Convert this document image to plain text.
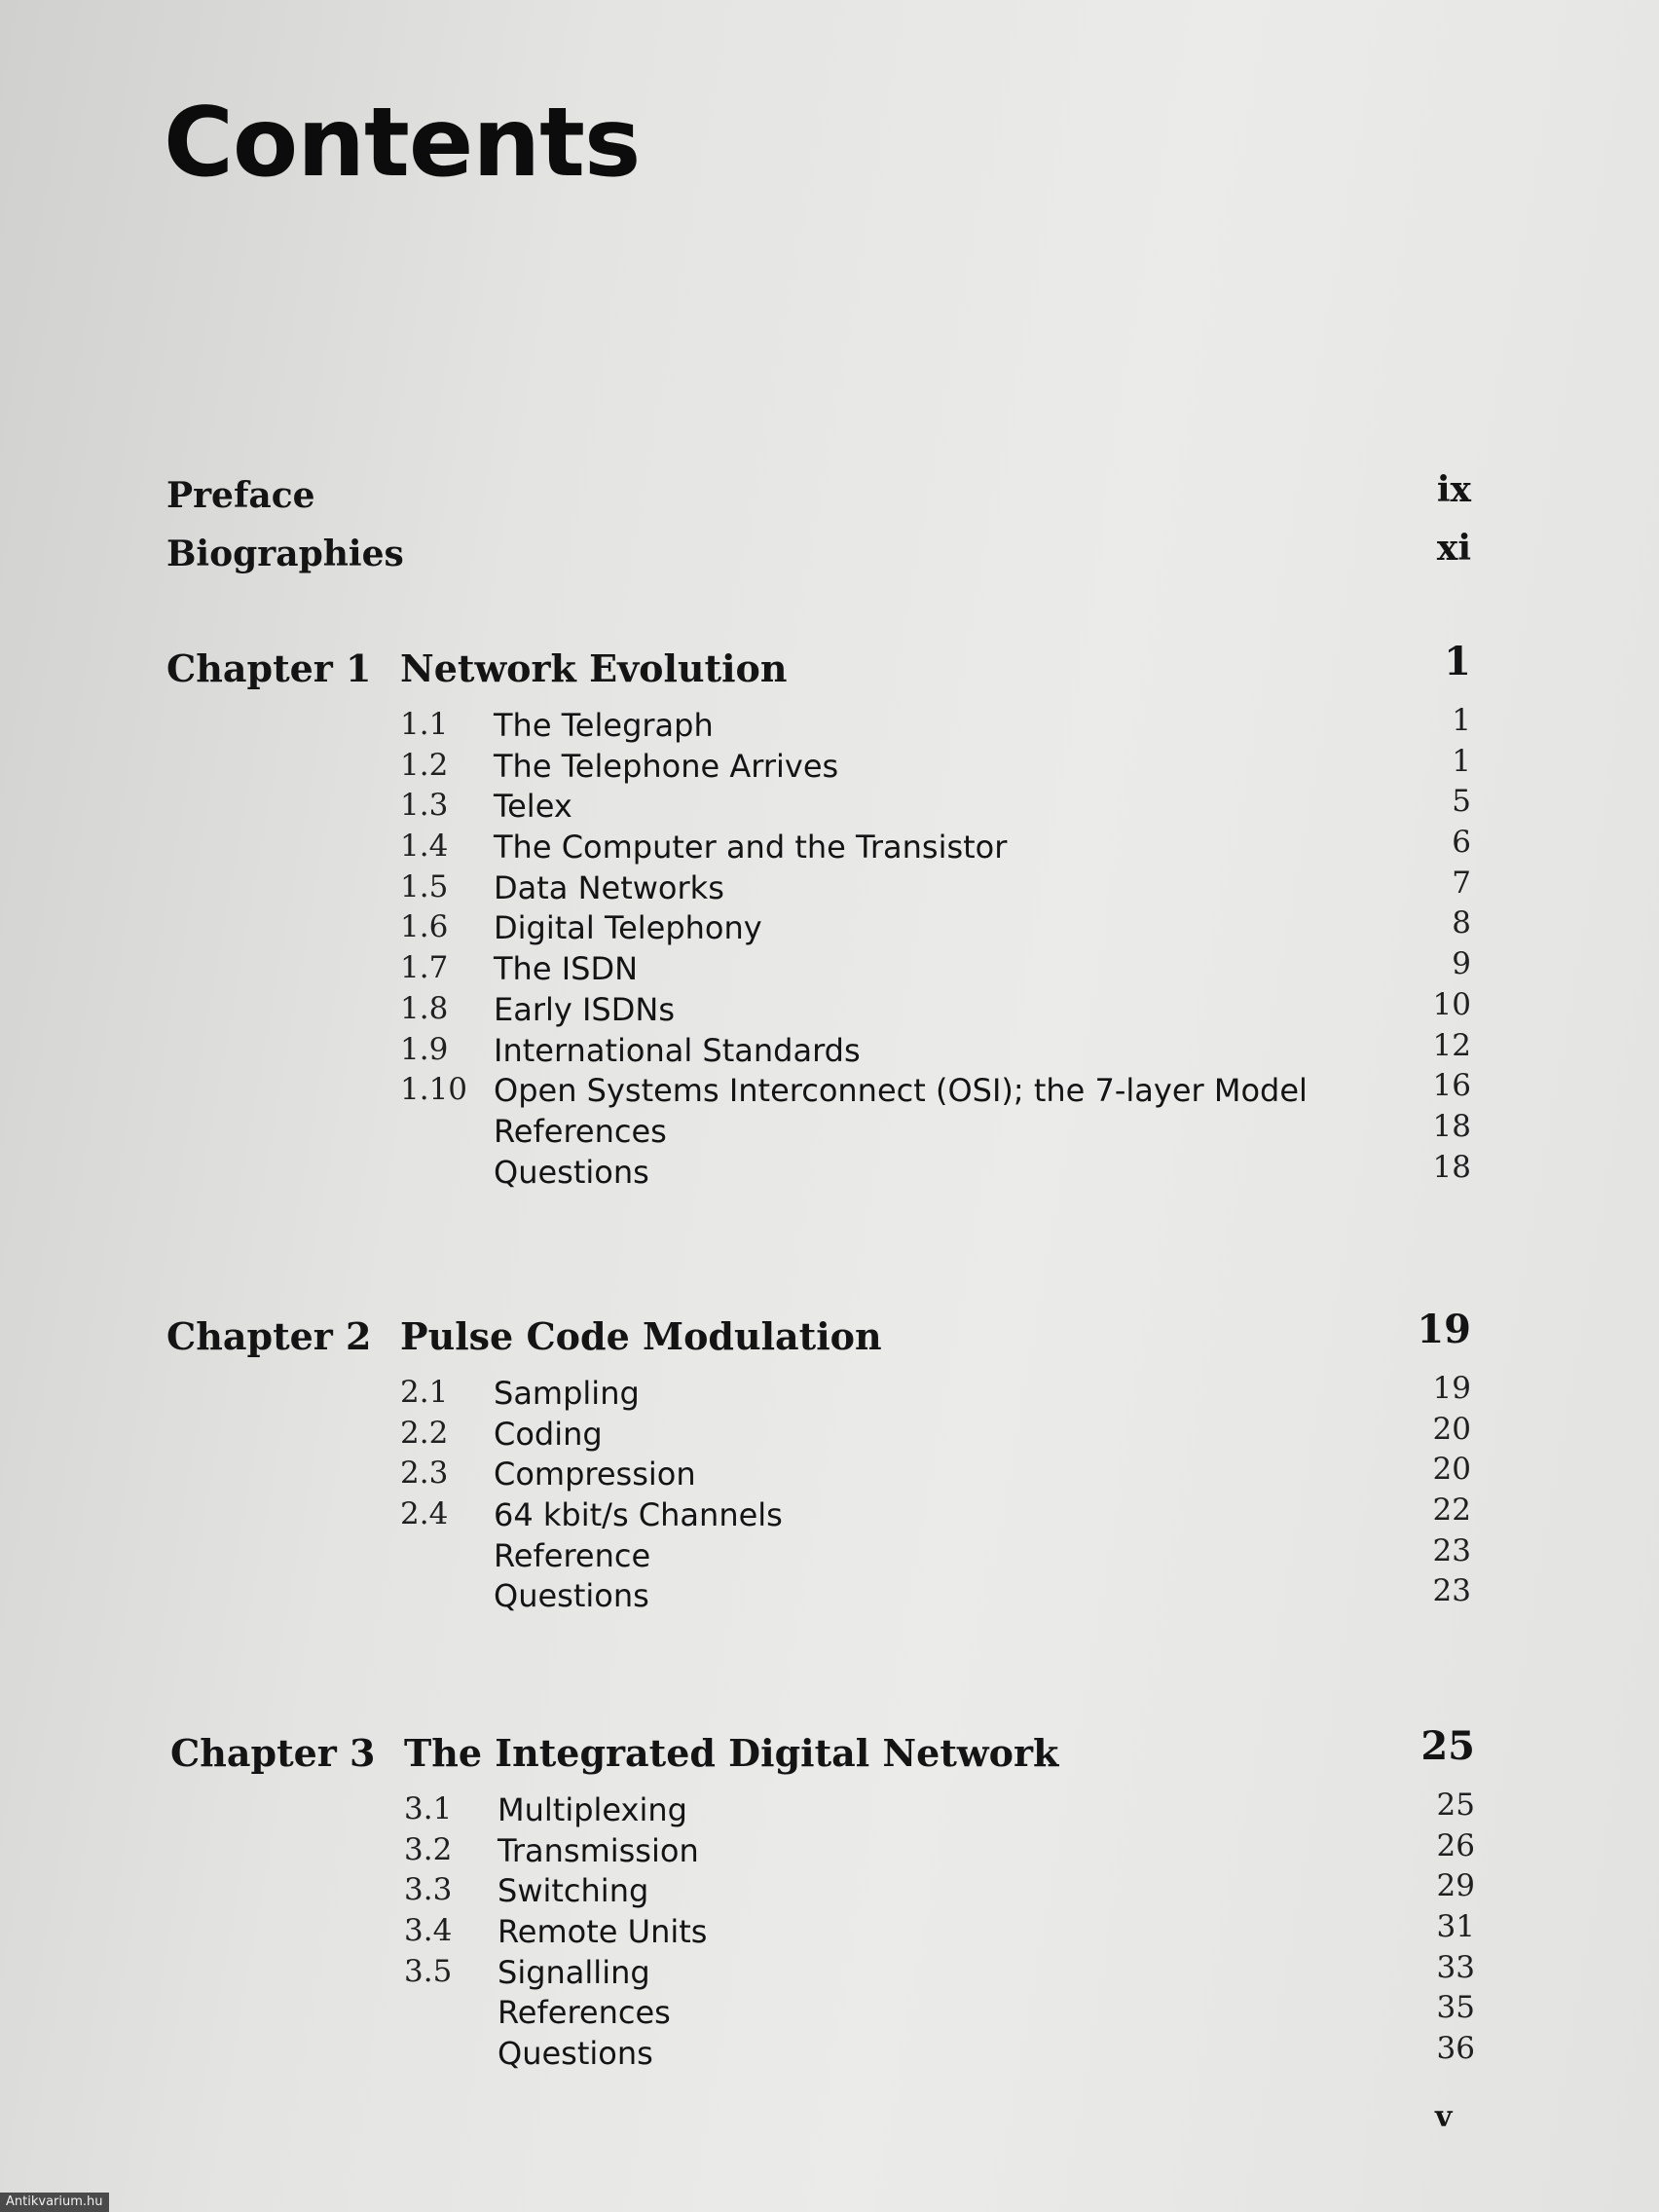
Contents
Preface	ix
Biographies	xi
Chapter 1 Network Evolution	1
1.1 The Telegraph	1
1.2 The Telephone Arrives	1
1.3 Telex	5
1.4 The Computer and the Transistor	6
1.5 Data Networks	7
1.6 Digital Telephony	8
1.7 The ISDN	9
1.8 Early ISDNs	10
1.9 International Standards	12
1.10 Open Systems Interconnect (OSI); the 7-layer Model	16
References	18
Questions	18
Chapter 2 Pulse Code Modulation	19
2.1 Sampling	19
2.2 Coding	20
2.3 Compression	20
2.4 64 kbit/s Channels	22
Reference	23
Questions	23
Chapter 3 The Integrated Digital Network	25
3.1 Multiplexing	25
3.2 Transmission	26
3.3 Switching	29
3.4 Remote Units	31
3.5 Signalling	33
References	35
Questions	36
v
Antikvarium.hu
